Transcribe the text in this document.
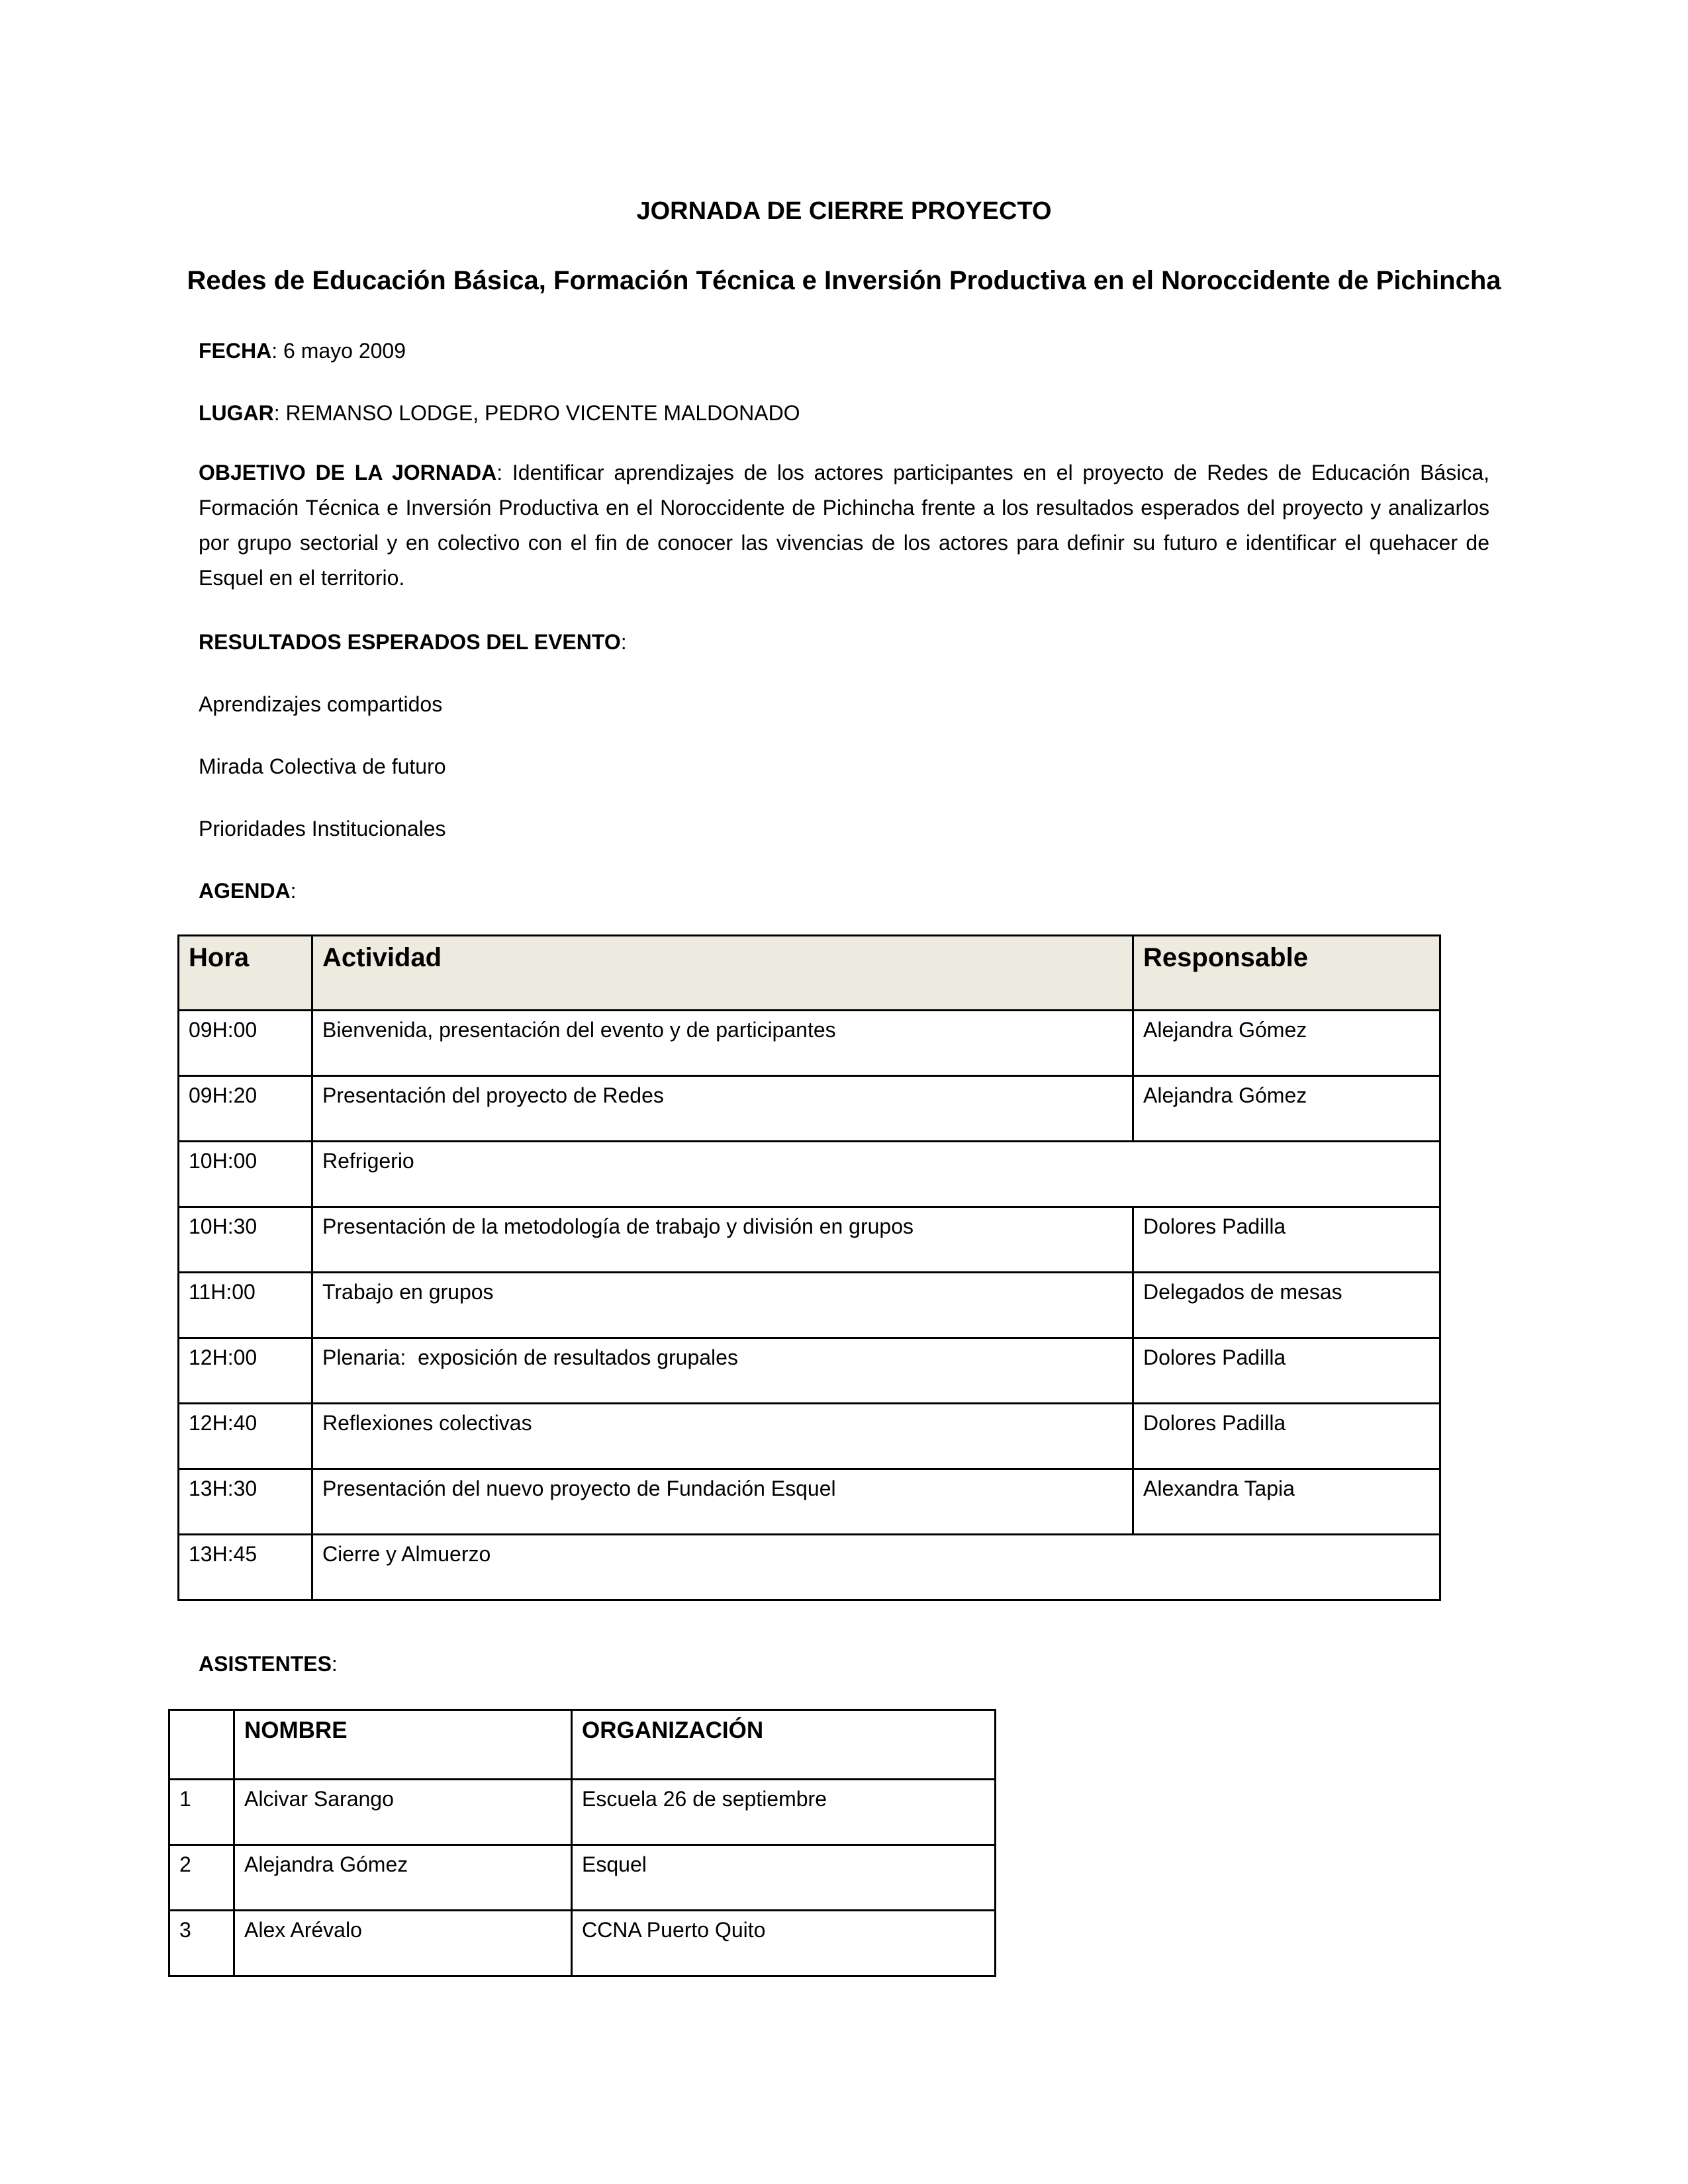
JORNADA DE CIERRE PROYECTO
Redes de Educación Básica, Formación Técnica e Inversión Productiva en el Noroccidente de Pichincha
FECHA: 6 mayo 2009
LUGAR: REMANSO LODGE, PEDRO VICENTE MALDONADO
OBJETIVO DE LA JORNADA: Identificar aprendizajes de los actores participantes en el proyecto de Redes de Educación Básica, Formación Técnica e Inversión Productiva en el Noroccidente de Pichincha frente a los resultados esperados del proyecto y analizarlos por grupo sectorial y en colectivo con el fin de conocer las vivencias de los actores para definir su futuro e identificar el quehacer de Esquel en el territorio.
RESULTADOS ESPERADOS DEL EVENTO:
Aprendizajes compartidos
Mirada Colectiva de futuro
Prioridades Institucionales
AGENDA:
Hora	Actividad	Responsable
09H:00	Bienvenida, presentación del evento y de participantes	Alejandra Gómez
09H:20	Presentación del proyecto de Redes	Alejandra Gómez
10H:00	Refrigerio	
10H:30	Presentación de la metodología de trabajo y división en grupos	Dolores Padilla
11H:00	Trabajo en grupos	Delegados de mesas
12H:00	Plenaria:  exposición de resultados grupales	Dolores Padilla
12H:40	Reflexiones colectivas	Dolores Padilla
13H:30	Presentación del nuevo proyecto de Fundación Esquel	Alexandra Tapia
13H:45	Cierre y Almuerzo	
ASISTENTES:
	NOMBRE	ORGANIZACIÓN
1	Alcivar Sarango	Escuela 26 de septiembre
2	Alejandra Gómez	Esquel
3	Alex Arévalo	CCNA Puerto Quito
